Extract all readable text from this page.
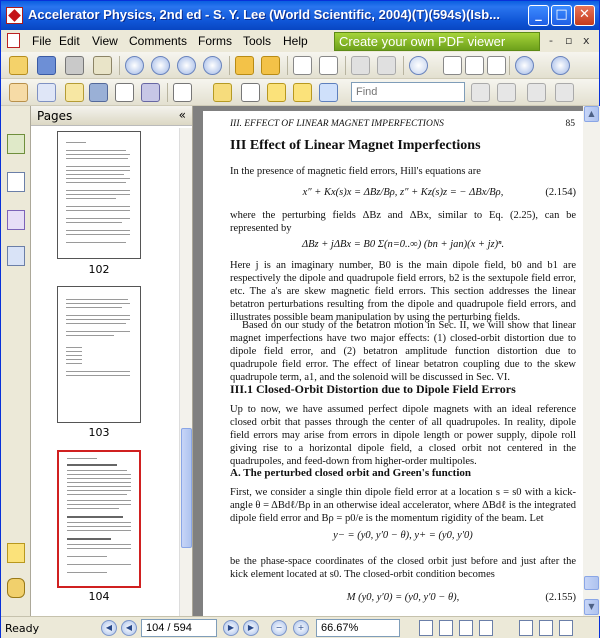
Accelerator Physics, 2nd ed - S. Y. Lee (World Scientific, 2004)(T)(594s)(Isb...	_	□ ✕
File Edit View Comments Forms Tools Help	Create your own PDF viewer	- ▫ x
Find
Pages	«
102
103
104
III. EFFECT OF LINEAR MAGNET IMPERFECTIONS	85
III Effect of Linear Magnet Imperfections
In the presence of magnetic field errors, Hill's equations are
x″ + Kx(s)x = ΔBz/Bρ, z″ + Kz(s)z = − ΔBx/Bρ,	(2.154)
where the perturbing fields ΔBz and ΔBx, similar to Eq. (2.25), can be represented by
ΔBz + jΔBx = B0 Σ(n=0..∞) (bn + jan)(x + jz)ⁿ.
Here j is an imaginary number, B0 is the main dipole field, b0 and b1 are respectively the dipole and quadrupole field errors, b2 is the sextupole field error, etc. The a's are skew magnetic field errors. This section addresses the linear betatron perturbations resulting from the dipole and quadrupole field errors, and illustrates possible beam manipulation by using the perturbing fields.
Based on our study of the betatron motion in Sec. II, we will show that linear magnet imperfections have two major effects: (1) closed-orbit distortion due to dipole field error, and (2) betatron amplitude function distortion due to quadrupole field error. The effect of linear betatron coupling due to the skew quadrupole term, a1, and the solenoid will be discussed in Sec. VI.
III.1 Closed-Orbit Distortion due to Dipole Field Errors
Up to now, we have assumed perfect dipole magnets with an ideal reference closed orbit that passes through the center of all quadrupoles. In reality, dipole field errors may arise from errors in dipole length or power supply, dipole roll giving rise to a horizontal dipole field, a closed orbit not centered in the quadrupoles, and feed-down from higher-order multipoles.
A. The perturbed closed orbit and Green's function
First, we consider a single thin dipole field error at a location s = s0 with a kick-angle θ = ΔBdℓ/Bρ in an otherwise ideal accelerator, where ΔBdℓ is the integrated dipole field error and Bρ = p0/e is the momentum rigidity of the beam. Let
y− = (y0, y′0 − θ), y+ = (y0, y′0)
be the phase-space coordinates of the closed orbit just before and just after the kick element located at s0. The closed-orbit condition becomes
M (y0, y′0) = (y0, y′0 − θ),	(2.155)
▲
▼
Ready	◀	◀
104 / 594	▶	▶	−	+
66.67%
